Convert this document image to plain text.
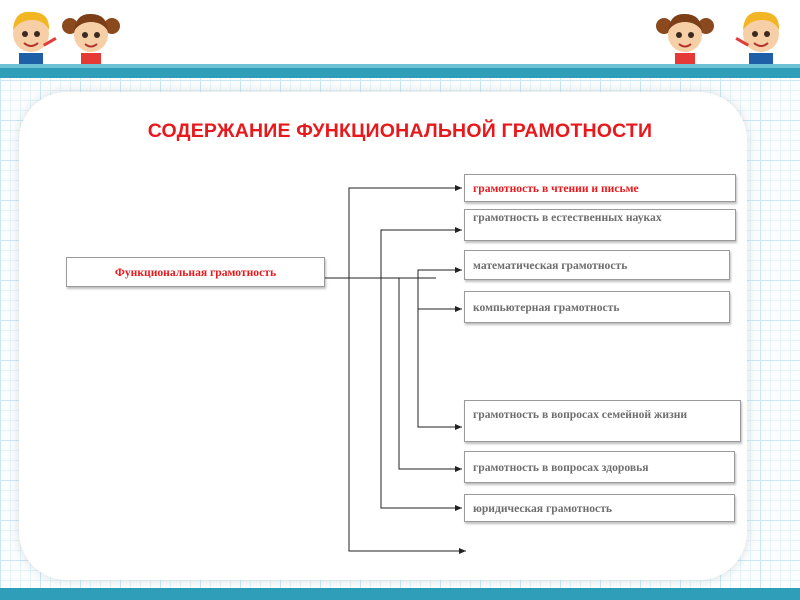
СОДЕРЖАНИЕ ФУНКЦИОНАЛЬНОЙ ГРАМОТНОСТИ
Функциональная грамотность
грамотность в чтении и письме
грамотность в естественных науках
математическая грамотность
компьютерная грамотность
грамотность в вопросах семейной жизни
грамотность в вопросах здоровья
юридическая грамотность
